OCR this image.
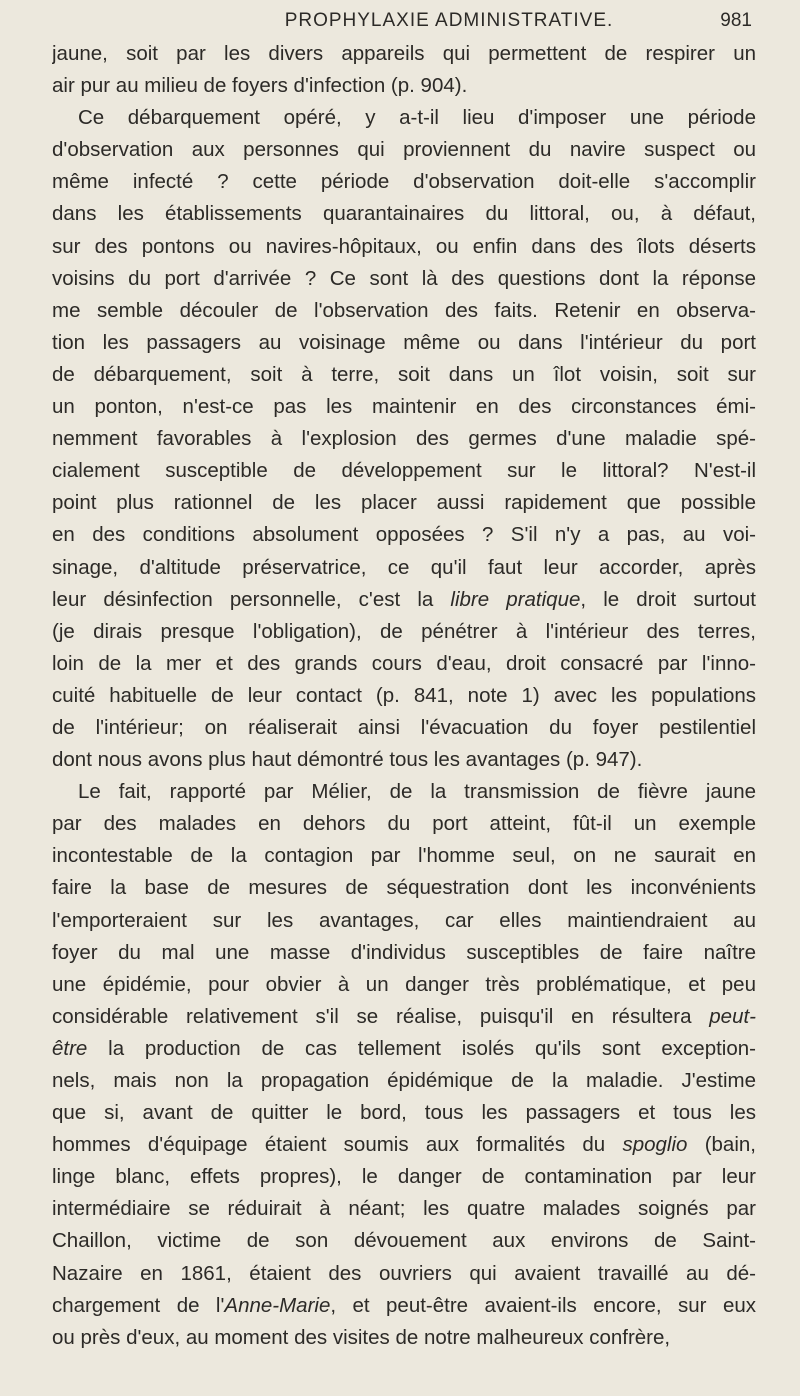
PROPHYLAXIE ADMINISTRATIVE.	981
jaune, soit par les divers appareils qui permettent de respirer un
air pur au milieu de foyers d'infection (p. 904).
Ce débarquement opéré, y a-t-il lieu d'imposer une période
d'observation aux personnes qui proviennent du navire suspect ou
même infecté ? cette période d'observation doit-elle s'accomplir
dans les établissements quarantainaires du littoral, ou, à défaut,
sur des pontons ou navires-hôpitaux, ou enfin dans des îlots déserts
voisins du port d'arrivée ? Ce sont là des questions dont la réponse
me semble découler de l'observation des faits. Retenir en observa-
tion les passagers au voisinage même ou dans l'intérieur du port
de débarquement, soit à terre, soit dans un îlot voisin, soit sur
un ponton, n'est-ce pas les maintenir en des circonstances émi-
nemment favorables à l'explosion des germes d'une maladie spé-
cialement susceptible de développement sur le littoral? N'est-il
point plus rationnel de les placer aussi rapidement que possible
en des conditions absolument opposées ? S'il n'y a pas, au voi-
sinage, d'altitude préservatrice, ce qu'il faut leur accorder, après
leur désinfection personnelle, c'est la libre pratique, le droit surtout
(je dirais presque l'obligation), de pénétrer à l'intérieur des terres,
loin de la mer et des grands cours d'eau, droit consacré par l'inno-
cuité habituelle de leur contact (p. 841, note 1) avec les populations
de l'intérieur; on réaliserait ainsi l'évacuation du foyer pestilentiel
dont nous avons plus haut démontré tous les avantages (p. 947).
Le fait, rapporté par Mélier, de la transmission de fièvre jaune
par des malades en dehors du port atteint, fût-il un exemple
incontestable de la contagion par l'homme seul, on ne saurait en
faire la base de mesures de séquestration dont les inconvénients
l'emporteraient sur les avantages, car elles maintiendraient au
foyer du mal une masse d'individus susceptibles de faire naître
une épidémie, pour obvier à un danger très problématique, et peu
considérable relativement s'il se réalise, puisqu'il en résultera peut-
être la production de cas tellement isolés qu'ils sont exception-
nels, mais non la propagation épidémique de la maladie. J'estime
que si, avant de quitter le bord, tous les passagers et tous les
hommes d'équipage étaient soumis aux formalités du spoglio (bain,
linge blanc, effets propres), le danger de contamination par leur
intermédiaire se réduirait à néant; les quatre malades soignés par
Chaillon, victime de son dévouement aux environs de Saint-
Nazaire en 1861, étaient des ouvriers qui avaient travaillé au dé-
chargement de l'Anne-Marie, et peut-être avaient-ils encore, sur eux
ou près d'eux, au moment des visites de notre malheureux confrère,
